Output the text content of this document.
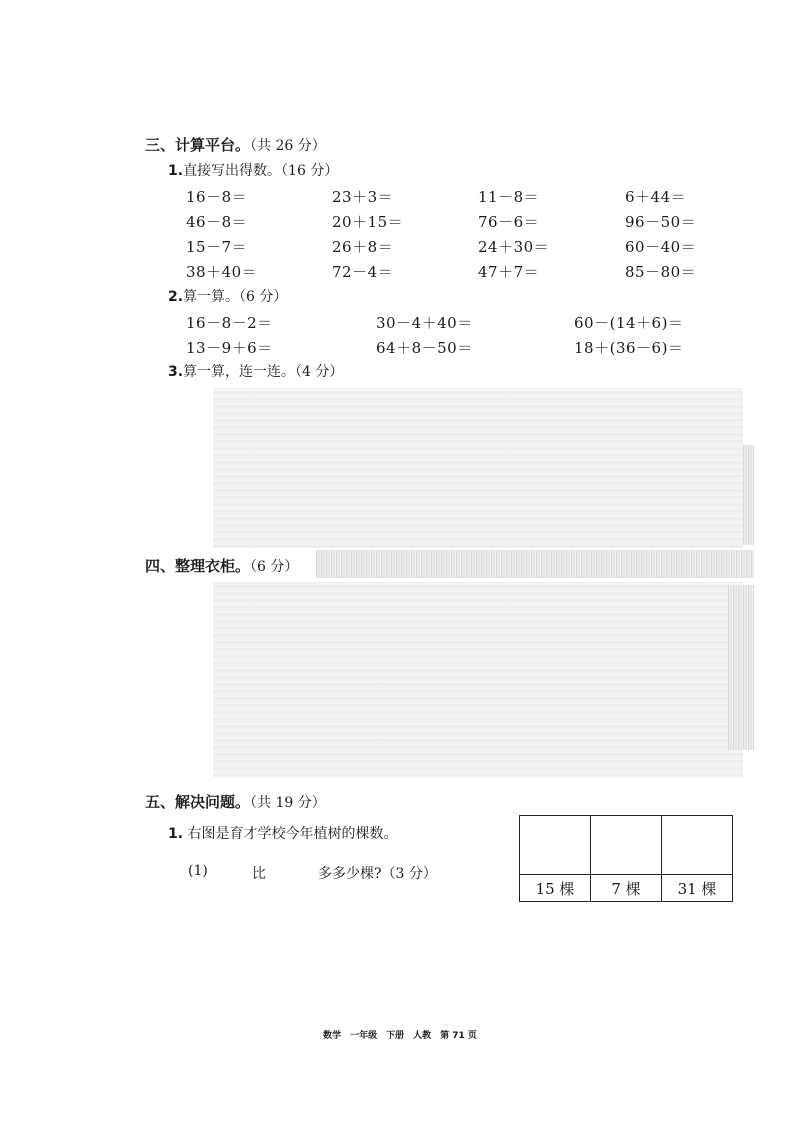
三、计算平台。（共 26 分）
1.直接写出得数。（16 分）
16－8＝	23＋3＝	11－8＝	6＋44＝
46－8＝	20＋15＝	76－6＝	96－50＝
15－7＝	26＋8＝	24＋30＝	60－40＝
38＋40＝	72－4＝	47＋7＝	85－80＝
2.算一算。（6 分）
16－8－2＝	30－4＋40＝	60－(14＋6)＝
13－9＋6＝	64＋8－50＝	18＋(36－6)＝
3.算一算，连一连。（4 分）
四、整理衣柜。（6 分）
五、解决问题。（共 19 分）
1. 右图是育才学校今年植树的棵数。
(1)	比	多多少棵?（3 分）

15 棵	7 棵	31 棵
数学　一年级　下册　人教　第 71 页
